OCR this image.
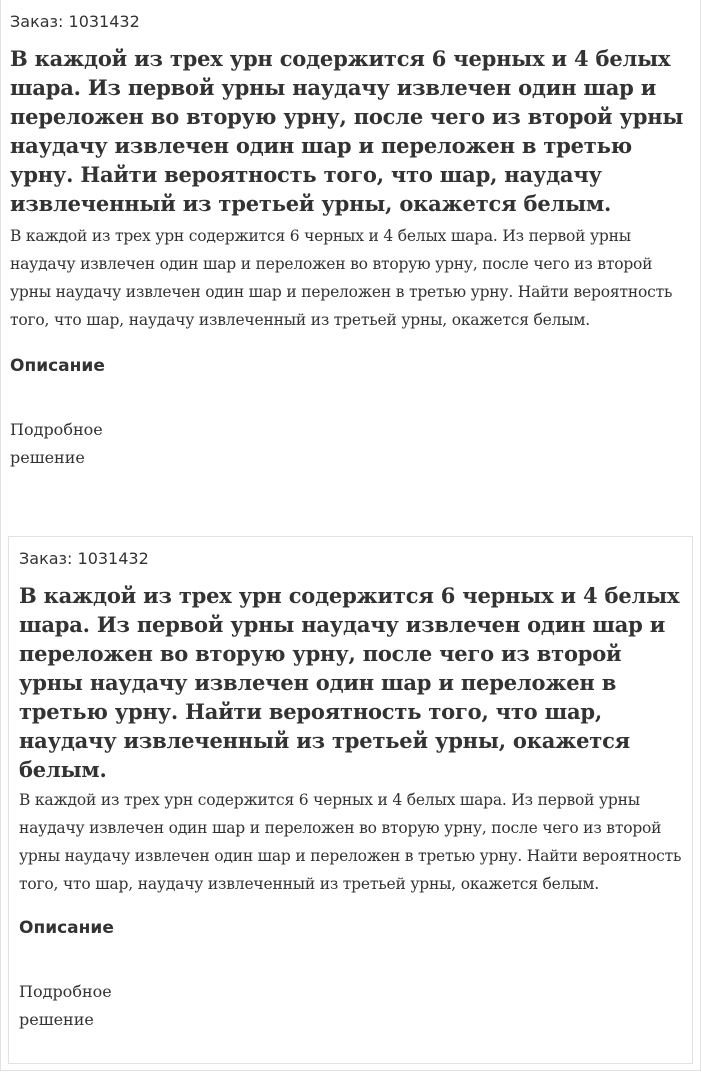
Заказ: 1031432

В каждой из трех урн содержится 6 черных и 4 белых шара. Из первой урны наудачу извлечен один шар и переложен во вторую урну, после чего из второй урны наудачу извлечен один шар и переложен в третью урну. Найти вероятность того, что шар, наудачу извлеченный из третьей урны, окажется белым.

В каждой из трех урн содержится 6 черных и 4 белых шара. Из первой урны наудачу извлечен один шар и переложен во вторую урну, после чего из второй урны наудачу извлечен один шар и переложен в третью урну. Найти вероятность того, что шар, наудачу извлеченный из третьей урны, окажется белым.

Описание

Подробное решение

Заказ: 1031432

В каждой из трех урн содержится 6 черных и 4 белых шара. Из первой урны наудачу извлечен один шар и переложен во вторую урну, после чего из второй урны наудачу извлечен один шар и переложен в третью урну. Найти вероятность того, что шар, наудачу извлеченный из третьей урны, окажется белым.

В каждой из трех урн содержится 6 черных и 4 белых шара. Из первой урны наудачу извлечен один шар и переложен во вторую урну, после чего из второй урны наудачу извлечен один шар и переложен в третью урну. Найти вероятность того, что шар, наудачу извлеченный из третьей урны, окажется белым.

Описание

Подробное решение
